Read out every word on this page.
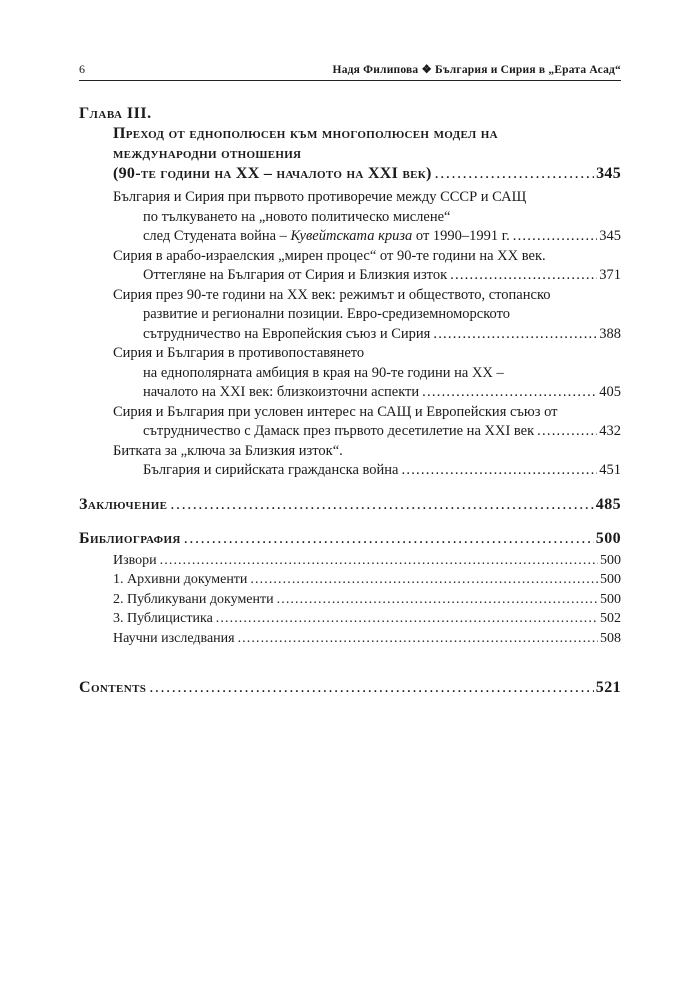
6	Надя Филипова ❖ България и Сирия в „Ерата Асад“
Глава III.
Преход от еднополюсен към многополюсен модел на
международни отношения
(90-те години на XX – началото на XXI век) . . .	345
България и Сирия при първото противоречие между СССР и САЩ
по тълкуването на „новото политическо мислене“
след Студената война – Кувейтската криза от 1990–1991 г. . . .	345
Сирия в арабо-израелския „мирен процес“ от 90-те години на XX век.
Оттегляне на България от Сирия и Близкия изток . . .	371
Сирия през 90-те години на XX век: режимът и обществото, стопанско
развитие и регионални позиции. Евро-средиземноморското
сътрудничество на Европейския съюз и Сирия . . .	388
Сирия и България в противопоставянето
на еднополярната амбиция в края на 90-те години на XX –
началото на XXI век: близкоизточни аспекти . . .	405
Сирия и България при условен интерес на САЩ и Европейския съюз от
сътрудничество с Дамаск през първото десетилетие на XXI век . . .	432
Битката за „ключа за Близкия изток“.
България и сирийската гражданска война . . .	451
Заключение . . .	485
Библиография . . .	500
Извори . . .	500
1. Архивни документи . . .	500
2. Публикувани документи . . .	500
3. Публицистика . . .	502
Научни изследвания . . .	508
Contents . . .	521
